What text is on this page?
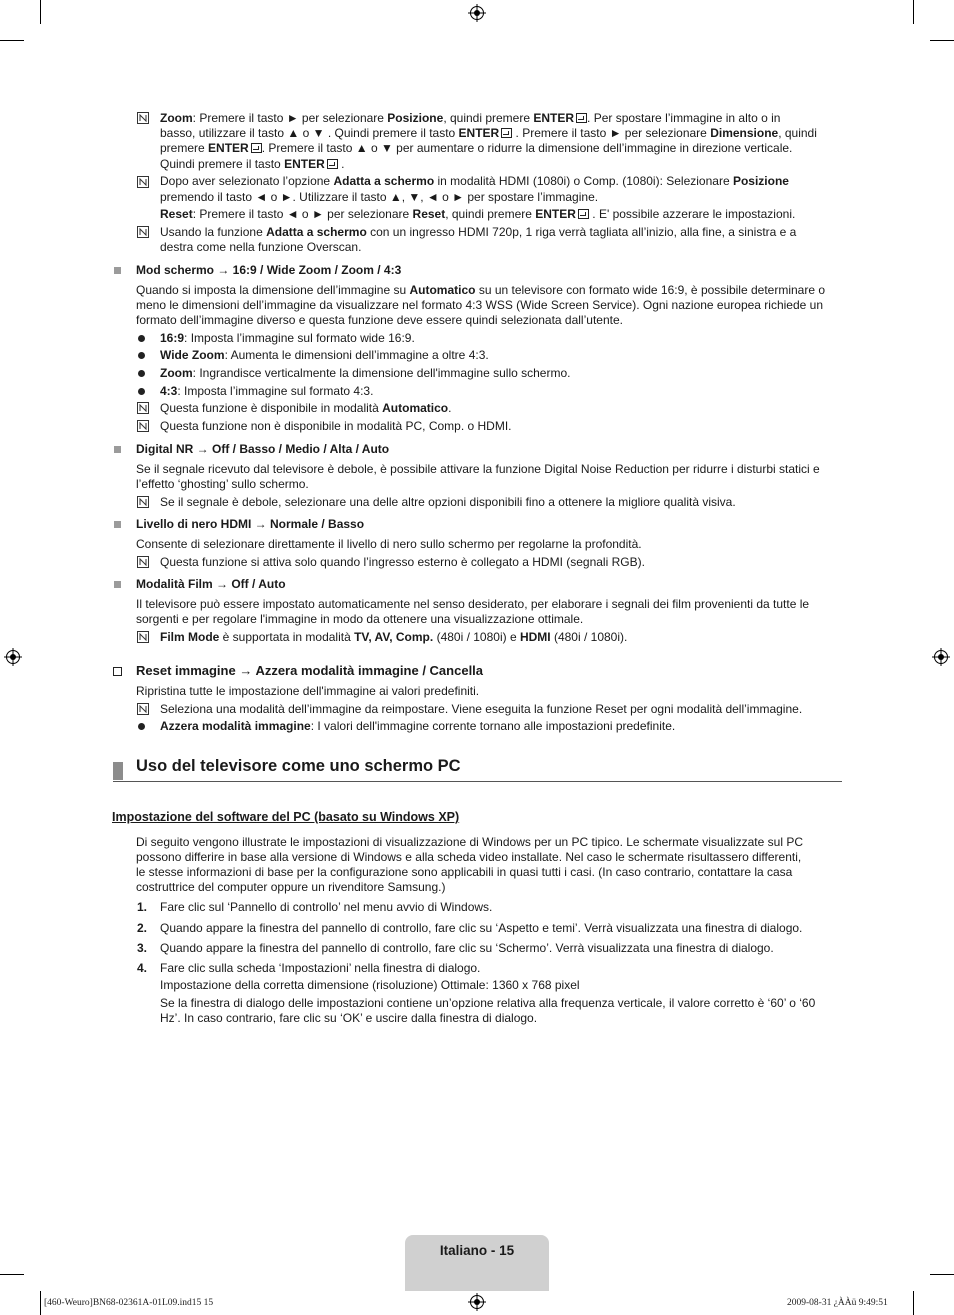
Zoom: Premere il tasto ► per selezionare Posizione, quindi premere ENTER . Per spostare l’immagine in alto o in
basso, utilizzare il tasto ▲ o ▼ . Quindi premere il tasto ENTER . Premere il tasto ► per selezionare Dimensione, quindi
premere ENTER . Premere il tasto ▲ o ▼ per aumentare o ridurre la dimensione dell’immagine in direzione verticale.
Quindi premere il tasto ENTER .
Dopo aver selezionato l’opzione Adatta a schermo in modalità HDMI (1080i) o Comp. (1080i): Selezionare Posizione
premendo il tasto ◄ o ►. Utilizzare il tasto ▲, ▼, ◄ o ► per spostare l’immagine.
Reset: Premere il tasto ◄ o ► per selezionare Reset, quindi premere ENTER . E' possibile azzerare le impostazioni.
Usando la funzione Adatta a schermo con un ingresso HDMI 720p, 1 riga verrà tagliata all’inizio, alla fine, a sinistra e a
destra come nella funzione Overscan.
Mod schermo → 16:9 / Wide Zoom / Zoom / 4:3
Quando si imposta la dimensione dell’immagine su Automatico su un televisore con formato wide 16:9, è possibile determinare o
meno le dimensioni dell’immagine da visualizzare nel formato 4:3 WSS (Wide Screen Service). Ogni nazione europea richiede un
formato dell’immagine diverso e questa funzione deve essere quindi selezionata dall’utente.
16:9: Imposta l’immagine sul formato wide 16:9.
Wide Zoom: Aumenta le dimensioni dell’immagine a oltre 4:3.
Zoom: Ingrandisce verticalmente la dimensione dell'immagine sullo schermo.
4:3: Imposta l’immagine sul formato 4:3.
Questa funzione è disponibile in modalità Automatico.
Questa funzione non è disponibile in modalità PC, Comp. o HDMI.
Digital NR → Off / Basso / Medio / Alta / Auto
Se il segnale ricevuto dal televisore è debole, è possibile attivare la funzione Digital Noise Reduction per ridurre i disturbi statici e
l’effetto ‘ghosting’ sullo schermo.
Se il segnale è debole, selezionare una delle altre opzioni disponibili fino a ottenere la migliore qualità visiva.
Livello di nero HDMI → Normale / Basso
Consente di selezionare direttamente il livello di nero sullo schermo per regolarne la profondità.
Questa funzione si attiva solo quando l’ingresso esterno è collegato a HDMI (segnali RGB).
Modalità Film → Off / Auto
Il televisore può essere impostato automaticamente nel senso desiderato, per elaborare i segnali dei film provenienti da tutte le
sorgenti e per regolare l'immagine in modo da ottenere una visualizzazione ottimale.
Film Mode è supportata in modalità TV, AV, Comp. (480i / 1080i) e HDMI (480i / 1080i).
Reset immagine → Azzera modalità immagine / Cancella
Ripristina tutte le impostazione dell'immagine ai valori predefiniti.
Seleziona una modalità dell’immagine da reimpostare. Viene eseguita la funzione Reset per ogni modalità dell’immagine.
Azzera modalità immagine: I valori dell'immagine corrente tornano alle impostazioni predefinite.
Uso del televisore come uno schermo PC
Impostazione del software del PC (basato su Windows XP)
Di seguito vengono illustrate le impostazioni di visualizzazione di Windows per un PC tipico. Le schermate visualizzate sul PC
possono differire in base alla versione di Windows e alla scheda video installate. Nel caso le schermate risultassero differenti,
le stesse informazioni di base per la configurazione sono applicabili in quasi tutti i casi. (In caso contrario, contattare la casa
costruttrice del computer oppure un rivenditore Samsung.)
1. Fare clic sul ‘Pannello di controllo’ nel menu avvio di Windows.
2. Quando appare la finestra del pannello di controllo, fare clic su ‘Aspetto e temi’. Verrà visualizzata una finestra di dialogo.
3. Quando appare la finestra del pannello di controllo, fare clic su ‘Schermo’. Verrà visualizzata una finestra di dialogo.
4. Fare clic sulla scheda ‘Impostazioni’ nella finestra di dialogo.
Impostazione della corretta dimensione (risoluzione) Ottimale: 1360 x 768 pixel
Se la finestra di dialogo delle impostazioni contiene un’opzione relativa alla frequenza verticale, il valore corretto è ‘60’ o ‘60
Hz’. In caso contrario, fare clic su ‘OK’ e uscire dalla finestra di dialogo.
Italiano - 15
[460-Weuro]BN68-02361A-01L09.ind15 15	2009-08-31 ¿ÀÀü 9:49:51
